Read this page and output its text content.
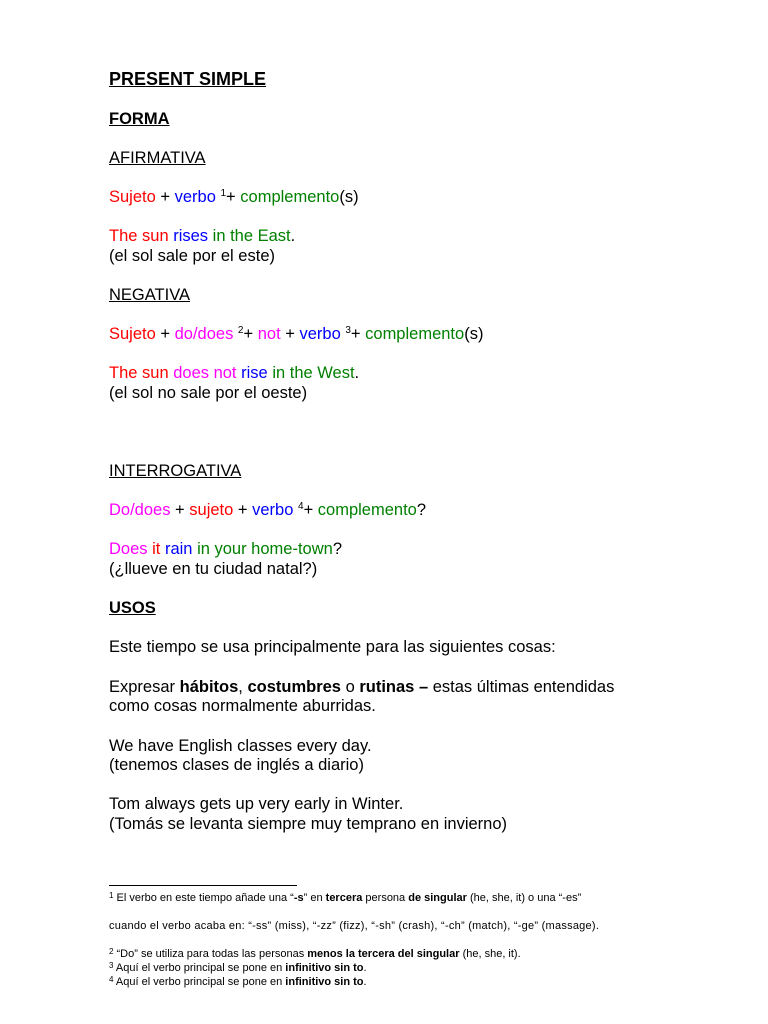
PRESENT SIMPLE
FORMA
AFIRMATIVA
Sujeto + verbo $^1$+ complemento(s)
The sun rises in the East.
(el sol sale por el este)
NEGATIVA
Sujeto + do/does $^2$+ not + verbo $^3$+ complemento(s)
The sun does not rise in the West.
(el sol no sale por el oeste)
INTERROGATIVA
Do/does + sujeto + verbo $^4$+ complemento?
Does it rain in your home-town?
(¿llueve en tu ciudad natal?)
USOS
Este tiempo se usa principalmente para las siguientes cosas:
Expresar hábitos, costumbres o rutinas – estas últimas entendidas
como cosas normalmente aburridas.
We have English classes every day.
(tenemos clases de inglés a diario)
Tom always gets up very early in Winter.
(Tomás se levanta siempre muy temprano en invierno)
$^1$ El verbo en este tiempo añade una “-s” en tercera persona de singular (he, she, it) o una “-es”
cuando el verbo acaba en: “-ss” (miss), “-zz” (fizz), “-sh” (crash), “-ch” (match), “-ge” (massage).
$^2$ “Do” se utiliza para todas las personas menos la tercera del singular (he, she, it).
$^3$ Aquí el verbo principal se pone en infinitivo sin to.
$^4$ Aquí el verbo principal se pone en infinitivo sin to.
